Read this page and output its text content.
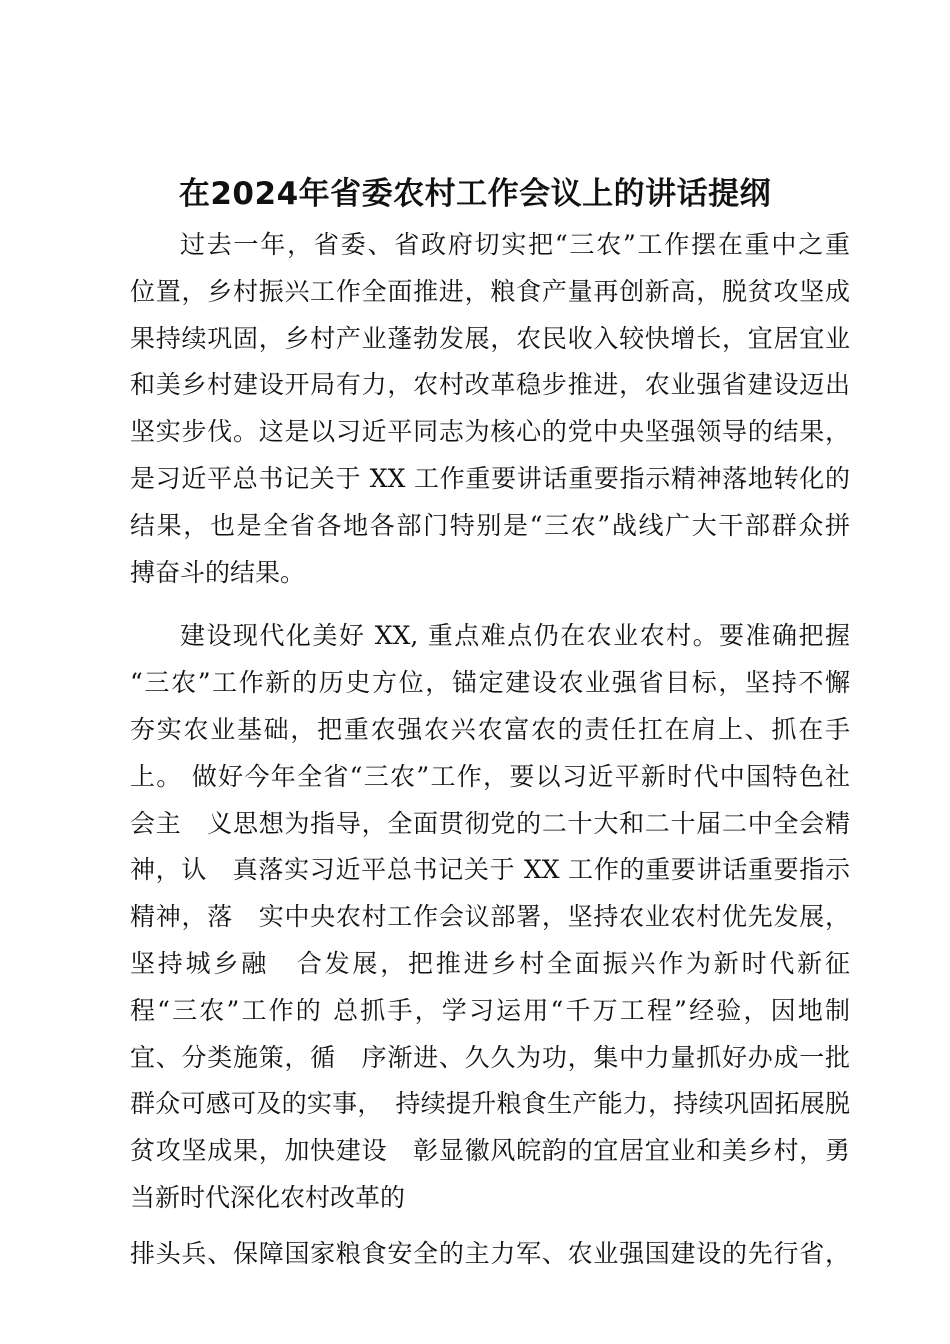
在2024年省委农村工作会议上的讲话提纲
过去一年，省委、省政府切实把“三农”工作摆在重中之重
位置，乡村振兴工作全面推进，粮食产量再创新高，脱贫攻坚成
果持续巩固，乡村产业蓬勃发展，农民收入较快增长，宜居宜业
和美乡村建设开局有力，农村改革稳步推进，农业强省建设迈出
坚实步伐。这是以习近平同志为核心的党中央坚强领导的结果，
是习近平总书记关于 XX 工作重要讲话重要指示精神落地转化的
结果，也是全省各地各部门特别是“三农”战线广大干部群众拼
搏奋斗的结果。
建设现代化美好 XX, 重点难点仍在农业农村。要准确把握
“三农”工作新的历史方位，锚定建设农业强省目标，坚持不懈
夯实农业基础，把重农强农兴农富农的责任扛在肩上、抓在手
上。 做好今年全省“三农”工作，要以习近平新时代中国特色社
会主　义思想为指导，全面贯彻党的二十大和二十届二中全会精
神，认　真落实习近平总书记关于 XX 工作的重要讲话重要指示
精神，落　实中央农村工作会议部署，坚持农业农村优先发展，
坚持城乡融　合发展，把推进乡村全面振兴作为新时代新征
程“三农”工作的 总抓手，学习运用“千万工程”经验，因地制
宜、分类施策，循　序渐进、久久为功，集中力量抓好办成一批
群众可感可及的实事，　持续提升粮食生产能力，持续巩固拓展脱
贫攻坚成果，加快建设　彰显徽风皖韵的宜居宜业和美乡村，勇
当新时代深化农村改革的
排头兵、保障国家粮食安全的主力军、农业强国建设的先行省，
